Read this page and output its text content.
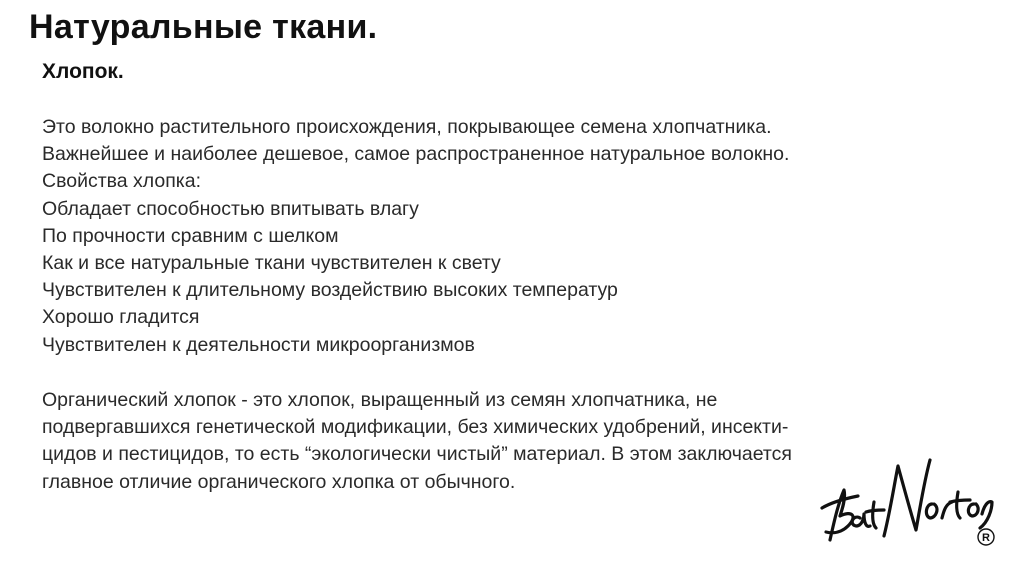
Натуральные ткани.
Хлопок.
Это волокно растительного происхождения, покрывающее семена хлопчатника.
Важнейшее и наиболее дешевое, самое распространенное натуральное волокно.
Свойства хлопка:
Обладает способностью впитывать влагу
По прочности сравним с шелком
Как и все натуральные ткани чувствителен к свету
Чувствителен к длительному воздействию высоких температур
Хорошо гладится
Чувствителен к деятельности микроорганизмов
Органический хлопок - это хлопок, выращенный из семян хлопчатника, не
подвергавшихся генетической модификации, без химических удобрений, инсекти-
цидов и пестицидов, то есть “экологически чистый” материал. В этом заключается
главное отличие органического хлопка от обычного.
R
